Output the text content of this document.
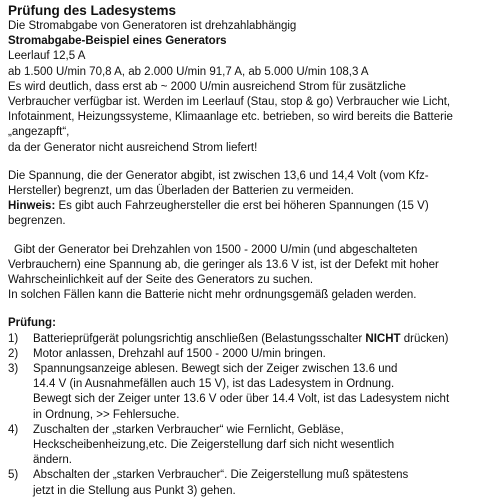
Prüfung des Ladesystems
Die Stromabgabe von Generatoren ist drehzahlabhängig
Stromabgabe-Beispiel eines Generators
Leerlauf 12,5 A
ab 1.500 U/min 70,8 A, ab 2.000 U/min 91,7 A, ab 5.000 U/min 108,3 A
Es wird deutlich, dass erst ab ~ 2000 U/min ausreichend Strom für zusätzliche
Verbraucher verfügbar ist. Werden im Leerlauf (Stau, stop & go) Verbraucher wie Licht,
Infotainment, Heizungssysteme, Klimaanlage etc. betrieben, so wird bereits die Batterie
„angezapft“,
da der Generator nicht ausreichend Strom liefert!
Die Spannung, die der Generator abgibt, ist zwischen 13,6 und 14,4 Volt (vom Kfz-
Hersteller) begrenzt, um das Überladen der Batterien zu vermeiden.
Hinweis: Es gibt auch Fahrzeughersteller die erst bei höheren Spannungen (15 V)
begrenzen.
Gibt der Generator bei Drehzahlen von 1500 - 2000 U/min (und abgeschalteten
Verbrauchern) eine Spannung ab, die geringer als 13.6 V ist, ist der Defekt mit hoher
Wahrscheinlichkeit auf der Seite des Generators zu suchen.
In solchen Fällen kann die Batterie nicht mehr ordnungsgemäß geladen werden.
Prüfung:
1)	Batterieprüfgerät polungsrichtig anschließen (Belastungsschalter NICHT drücken)
2)	Motor anlassen, Drehzahl auf 1500 - 2000 U/min bringen.
3)	Spannungsanzeige ablesen. Bewegt sich der Zeiger zwischen 13.6 und
14.4 V (in Ausnahmefällen auch 15 V), ist das Ladesystem in Ordnung.
Bewegt sich der Zeiger unter 13.6 V oder über 14.4 Volt, ist das Ladesystem nicht
in Ordnung, >> Fehlersuche.
4)	Zuschalten der „starken Verbraucher“ wie Fernlicht, Gebläse,
Heckscheibenheizung,etc. Die Zeigerstellung darf sich nicht wesentlich
ändern.
5)	Abschalten der „starken Verbraucher“. Die Zeigerstellung muß spätestens
jetzt in die Stellung aus Punkt 3) gehen.
